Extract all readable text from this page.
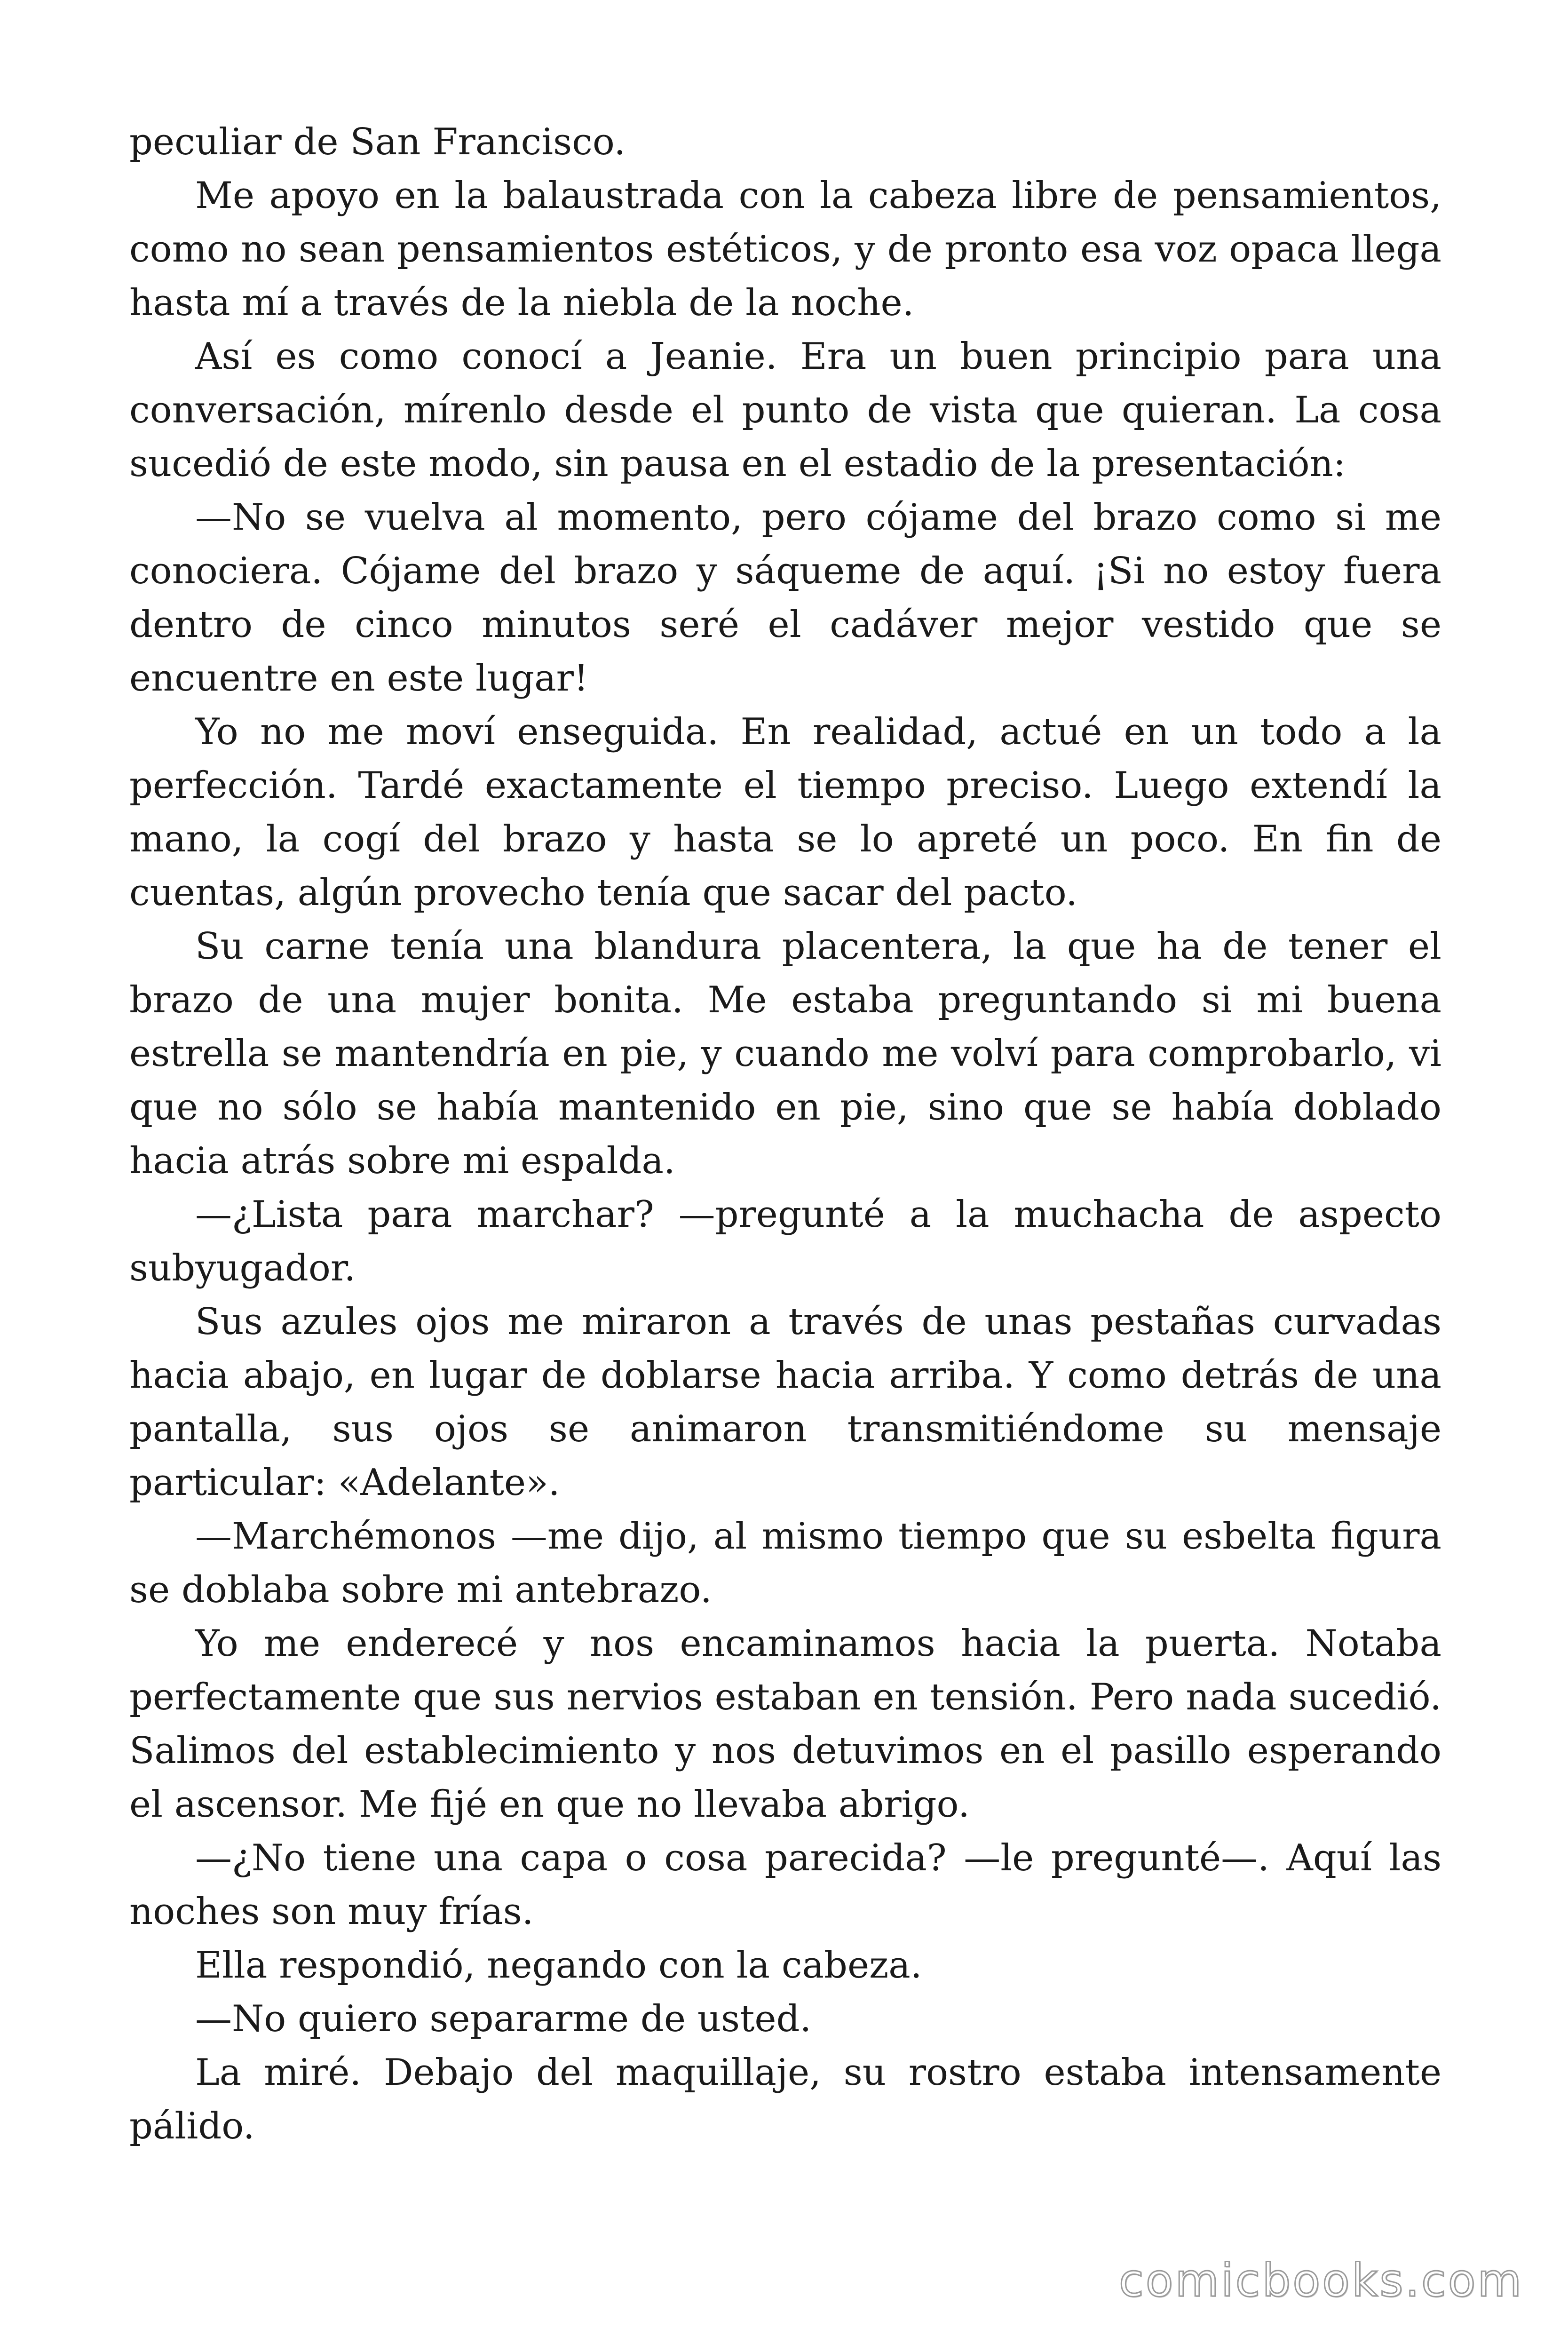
peculiar de San Francisco.

Me apoyo en la balaustrada con la cabeza libre de pensamientos, como no sean pensamientos estéticos, y de pronto esa voz opaca llega hasta mí a través de la niebla de la noche.

Así es como conocí a Jeanie. Era un buen principio para una conversación, mírenlo desde el punto de vista que quieran. La cosa sucedió de este modo, sin pausa en el estadio de la presentación:

—No se vuelva al momento, pero cójame del brazo como si me conociera. Cójame del brazo y sáqueme de aquí. ¡Si no estoy fuera dentro de cinco minutos seré el cadáver mejor vestido que se encuentre en este lugar!

Yo no me moví enseguida. En realidad, actué en un todo a la perfección. Tardé exactamente el tiempo preciso. Luego extendí la mano, la cogí del brazo y hasta se lo apreté un poco. En fin de cuentas, algún provecho tenía que sacar del pacto.

Su carne tenía una blandura placentera, la que ha de tener el brazo de una mujer bonita. Me estaba preguntando si mi buena estrella se mantendría en pie, y cuando me volví para comprobarlo, vi que no sólo se había mantenido en pie, sino que se había doblado hacia atrás sobre mi espalda.

—¿Lista para marchar? —pregunté a la muchacha de aspecto subyugador.

Sus azules ojos me miraron a través de unas pestañas curvadas hacia abajo, en lugar de doblarse hacia arriba. Y como detrás de una pantalla, sus ojos se animaron transmitiéndome su mensaje particular: «Adelante».

—Marchémonos —me dijo, al mismo tiempo que su esbelta figura se doblaba sobre mi antebrazo.

Yo me enderecé y nos encaminamos hacia la puerta. Notaba perfectamente que sus nervios estaban en tensión. Pero nada sucedió. Salimos del establecimiento y nos detuvimos en el pasillo esperando el ascensor. Me fijé en que no llevaba abrigo.

—¿No tiene una capa o cosa parecida? —le pregunté—. Aquí las noches son muy frías.

Ella respondió, negando con la cabeza.

—No quiero separarme de usted.

La miré. Debajo del maquillaje, su rostro estaba intensamente pálido.

comicbooks.com
